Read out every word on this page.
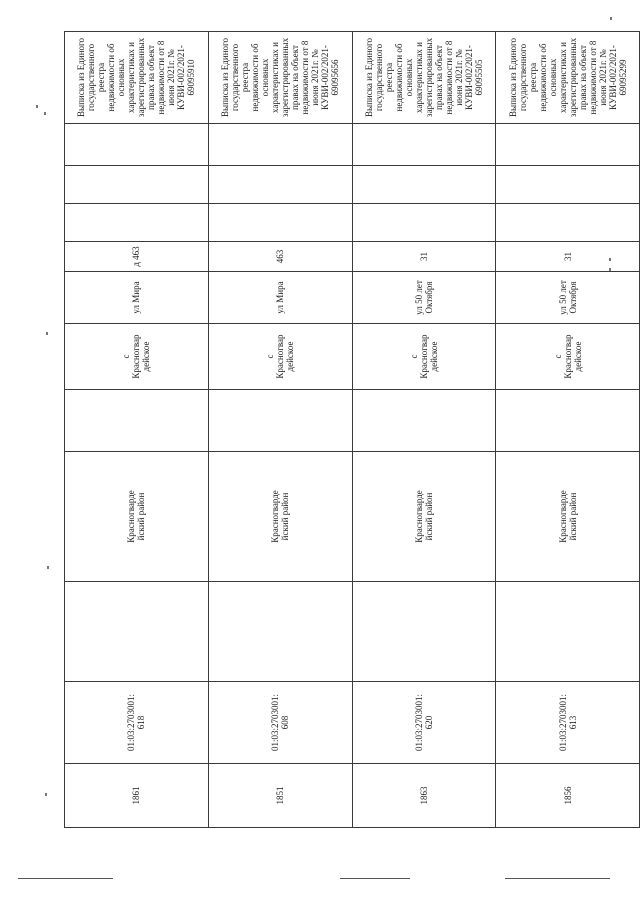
1861	01:03:2703001:
618		Красногварде
йский район		с
Красногвар
дейское	ул Мира	д 463				Выписка из Единого государственного реестра недвижимости об основных характеристиках и зарегистрированных правах на объект недвижимости от 8 июня 2021г. № КУВИ-002/2021-69095910
1851	01:03:2703001:
608		Красногварде
йский район		с
Красногвар
дейское	ул Мира	463				Выписка из Единого государственного реестра недвижимости об основных характеристиках и зарегистрированных правах на объект недвижимости от 8 июня 2021г. № КУВИ-002/2021-69095656
1863	01:03:2703001:
620		Красногварде
йский район		с
Красногвар
дейское	ул 50 лет Октября	31				Выписка из Единого государственного реестра недвижимости об основных характеристиках и зарегистрированных правах на объект недвижимости от 8 июня 2021г. № КУВИ-002/2021-69095505
1856	01:03:2703001:
613		Красногварде
йский район		с
Красногвар
дейское	ул 50 лет Октября	31				Выписка из Единого государственного реестра недвижимости об основных характеристиках и зарегистрированных правах на объект недвижимости от 8 июня 2021г. № КУВИ-002/2021-69095299
